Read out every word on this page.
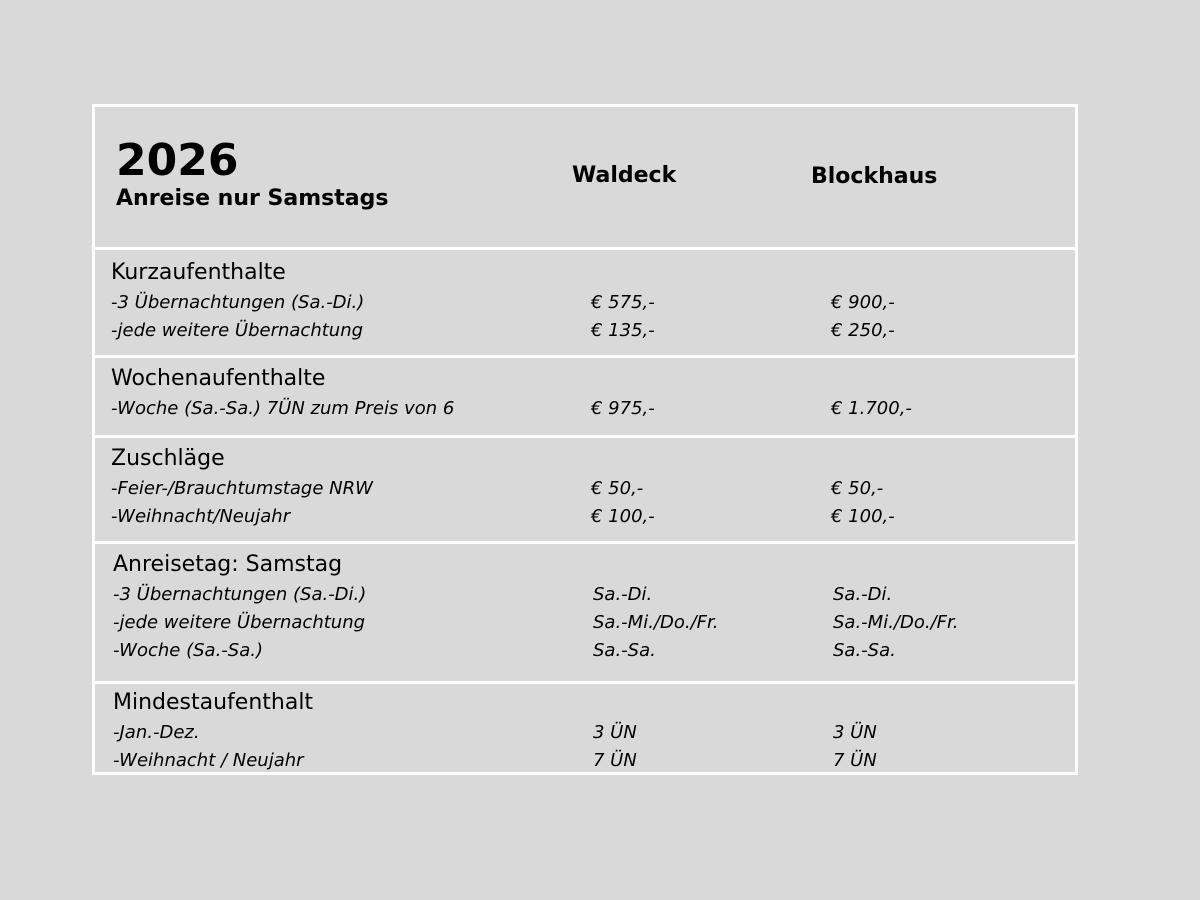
2026
Anreise nur Samstags
Waldeck	Blockhaus
Kurzaufenthalte
-3 Übernachtungen (Sa.-Di.)	€ 575,-	€ 900,-
-jede weitere Übernachtung	€ 135,-	€ 250,-
Wochenaufenthalte
-Woche (Sa.-Sa.) 7ÜN zum Preis von 6	€ 975,-	€ 1.700,-
Zuschläge
-Feier-/Brauchtumstage NRW	€ 50,-	€ 50,-
-Weihnacht/Neujahr	€ 100,-	€ 100,-
Anreisetag: Samstag
-3 Übernachtungen (Sa.-Di.)	Sa.-Di.	Sa.-Di.
-jede weitere Übernachtung	Sa.-Mi./Do./Fr.	Sa.-Mi./Do./Fr.
-Woche (Sa.-Sa.)	Sa.-Sa.	Sa.-Sa.
Mindestaufenthalt
-Jan.-Dez.	3 ÜN	3 ÜN
-Weihnacht / Neujahr	7 ÜN	7 ÜN
